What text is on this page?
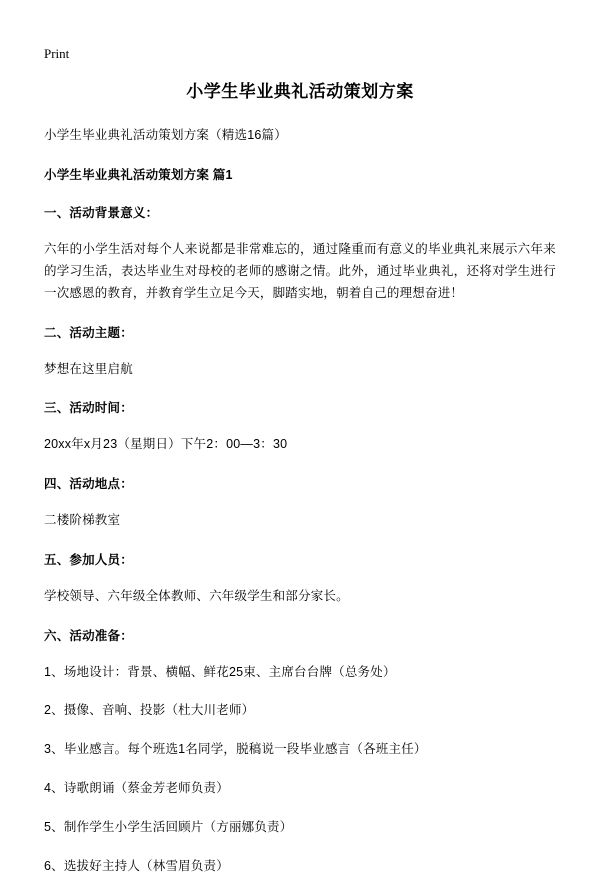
Print
小学生毕业典礼活动策划方案

小学生毕业典礼活动策划方案（精选16篇）

小学生毕业典礼活动策划方案 篇1

一、活动背景意义：

六年的小学生活对每个人来说都是非常难忘的，通过隆重而有意义的毕业典礼来展示六年来的学习生活，表达毕业生对母校的老师的感谢之情。此外，通过毕业典礼，还将对学生进行一次感恩的教育，并教育学生立足今天，脚踏实地，朝着自己的理想奋进！

二、活动主题：

梦想在这里启航

三、活动时间：

20xx年x月23（星期日）下午2：00—3：30

四、活动地点：

二楼阶梯教室

五、参加人员：

学校领导、六年级全体教师、六年级学生和部分家长。

六、活动准备：

1、场地设计：背景、横幅、鲜花25束、主席台台牌（总务处）

2、摄像、音响、投影（杜大川老师）

3、毕业感言。每个班选1名同学，脱稿说一段毕业感言（各班主任）

4、诗歌朗诵（蔡金芳老师负责）

5、制作学生小学生活回顾片（方丽娜负责）

6、选拔好主持人（林雪眉负责）
